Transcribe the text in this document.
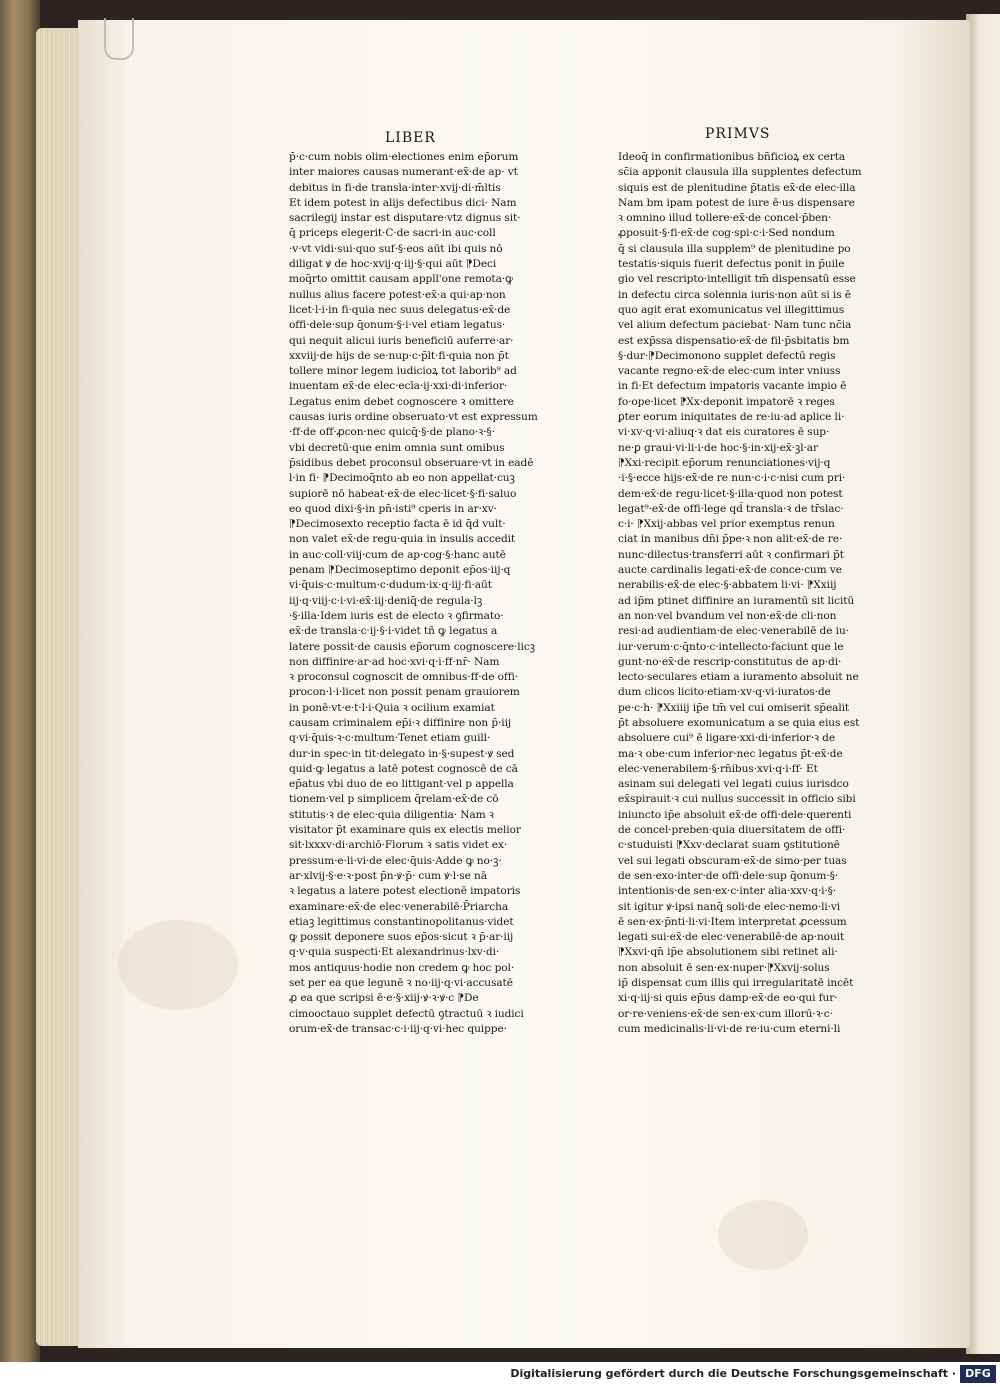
LIBER	PRIMVS
p̄·c·cum nobis olim·electiones enim ep̄orum
inter maiores causas numerant·ex̄·de ap· vt
debitus in fi·de transla·inter·xvij·di·m̄ltis
Et idem potest in alijs defectibus dici· Nam
sacrilegij instar est disputare·vtz dignus sit·
q̄ priceps elegerit·C·de sacri·in auc·coll
·v·vt vidi·sui·quo suf·§·eos aūt ibi quis nō
diligat ꝟ de hoc·xvij·q·iij·§·qui aūt ⁋Deci
moq̄rto omittit causam appll'one remota·ꝙ
nullus alius facere potest·ex̄·a qui·ap·non
licet·l·i·in fi·quia nec suus delegatus·ex̄·de
offi·dele·sup q̄onum·§·i·vel etiam legatus·
qui nequit alicui iuris beneficiū auferre·ar·
xxviij·de hijs de se·nup·c·p̄lt·fi·quia non p̄t
tollere minor legem iudicioꝝ tot laborib⁹ ad
inuentam ex̄·de elec·ecīa·ij·xxi·di·inferior·
Legatus enim debet cognoscere ꝛ omittere
causas iuris ordine obseruato·vt est expressum
·ff·de off·ꝓcon·nec quicq̄·§·de plano·ꝛ·§·
vbi decretū·que enim omnia sunt omibus
p̄sidibus debet proconsul obseruare·vt in eadē
l·in fi· ⁋Decimoq̄nto ab eo non appellat·cuꝫ
supiorē nō habeat·ex̄·de elec·licet·§·fi·saluo
eo quod dixi·§·in pn̄·isti⁹ cperis in ar·xv·
⁋Decimosexto receptio facta ē id q̄d vult·
non valet ex̄·de regu·quia in insulis accedit
in auc·coll·viij·cum de ap·cog·§·hanc autē
penam ⁋Decimoseptimo deponit ep̄os·iij·q
vi·q̄uis·c·multum·c·dudum·ix·q·iij·fi·aūt
iij·q·viij·c·i·vi·ex̄·iij·deniq̄·de regula·lꝫ
·§·illa·Idem iuris est de electo ꝛ ꝯfirmato·
ex̄·de transla·c·ij·§·i·videt tñ ꝙ legatus a
latere possit·de causis ep̄orum cognoscere·licꝫ
non diffinire·ar·ad hoc·xvi·q·i·ff·nr̄· Nam
ꝛ proconsul cognoscit de omnibus·ff·de offi·
procon·l·i·licet non possit penam grauiorem
in ponē·vt·e·t·l·i·Quia ꝛ ocilium examiat
causam criminalem ep̄i·ꝛ diffinire non p̄·iij
q·vi·q̄uis·ꝛ·c·multum·Tenet etiam guill·
dur·in spec·in tit·delegato in·§·supest·ꝟ sed
quid·ꝙ legatus a latē potest cognoscē de cā
ep̄atus vbi duo de eo littigant·vel p appella
tionem·vel p simplicem q̄relam·ex̄·de cō
stitutis·ꝛ de elec·quia diligentia· Nam ꝛ
visitator p̄t examinare quis ex electis melior
sit·lxxxv·di·archiō·Florum ꝛ satis videt ex·
pressum·e·li·vi·de elec·q̄uis·Adde ꝙ no·ꝫ·
ar·xlvij·§·e·ꝛ·post p̄n·ꝟ·p̄· cum ꝟ·l·se nā
ꝛ legatus a latere potest electionē impatoris
examinare·ex̄·de elec·venerabilē·P̄riarcha
etiaꝫ legittimus constantinopolitanus·videt
ꝙ possit deponere suos ep̄os·sicut ꝛ p̄·ar·iij
q·v·quia suspecti·Et alexandrinus·lxv·di·
mos antiquus·hodie non credem ꝙ hoc pol·
set per ea que legunē ꝛ no·iij·q·vi·accusatē
ꝓ ea que scripsi ē·e·§·xiij·ꝟ·ꝛ·ꝟ·c ⁋De
cimooctauo supplet defectū ꝯtractuū ꝛ iudici
orum·ex̄·de transac·c·i·iij·q·vi·hec quippe·
Ideoq̄ in confirmationibus bn̄ficioꝝ ex certa
sc̄ia apponit clausula illa supplentes defectum
siquis est de plenitudine p̄tatis ex̄·de elec·illa
Nam bm ipam potest de iure ē·us dispensare
ꝛ omnino illud tollere·ex̄·de concel·p̄ben·
ꝓposuit·§·fi·ex̄·de cog·spi·c·i·Sed nondum
q̄ si clausula illa supplem⁹ de plenitudine po
testatis·siquis fuerit defectus ponit in p̄uile
gio vel rescripto·intelligit tm̄ dispensatū esse
in defectu circa solennia iuris·non aūt si is ē
quo agit erat exomunicatus vel illegittimus
vel alium defectum paciebat· Nam tunc nc̄ia
est exp̄ssa dispensatio·ex̄·de fil·p̄sbitatis bm
§·dur·⁋Decimonono supplet defectū regis
vacante regno·ex̄·de elec·cum inter vniuss
in fi·Et defectum impatoris vacante impio ē
fo·ope·licet ⁋Xx·deponit impatorē ꝛ reges
ꝑter eorum iniquitates de re·iu·ad aplice li·
vi·xv·q·vi·aliuq·ꝛ dat eis curatores ē sup·
ne·ꝑ graui·vi·li·i·de hoc·§·in·xij·ex̄·ꝫl·ar
⁋Xxi·recipit ep̄orum renunciationes·vij·q
·i·§·ecce hijs·ex̄·de re nun·c·i·c·nisi cum pri·
dem·ex̄·de regu·licet·§·illa·quod non potest
legat⁹·ex̄·de offi·lege qd̄ transla·ꝛ de tr̄slac·
c·i· ⁋Xxij·abbas vel prior exemptus renun
ciat in manibus dn̄i p̄pe·ꝛ non alit·ex̄·de re·
nunc·dilectus·transferri aūt ꝛ confirmari p̄t
aucte cardinalis legati·ex̄·de conce·cum ve
nerabilis·ex̄·de elec·§·abbatem li·vi· ⁋Xxiij
ad ip̄m ptinet diffinire an iuramentū sit licitū
an non·vel bvandum vel non·ex̄·de cli·non
resi·ad audientiam·de elec·venerabilē de iu·
iur·verum·c·q̄nto·c·intellecto·faciunt que le
gunt·no·ex̄·de rescrip·constitutus de ap·di·
lecto·seculares etiam a iuramento absoluit ne
dum clicos licito·etiam·xv·q·vi·iuratos·de
pe·c·h· ⁋Xxiiij ip̄e tm̄ vel cui omiserit sp̄ealit
p̄t absoluere exomunicatum a se quia eius est
absoluere cui⁹ ē ligare·xxi·di·inferior·ꝛ de
ma·ꝛ obe·cum inferior·nec legatus p̄t·ex̄·de
elec·venerabilem·§·rn̄ibus·xvi·q·i·ff· Et
asinam sui delegati vel legati cuius iurisdco
ex̄spirauit·ꝛ cui nullus successit in officio sibi
iniuncto ip̄e absoluit ex̄·de offi·dele·querenti
de concel·preben·quia diuersitatem de offi·
c·studuisti ⁋Xxv·declarat suam ꝯstitutionē
vel sui legati obscuram·ex̄·de simo·per tuas
de sen·exo·inter·de offi·dele·sup q̄onum·§·
intentionis·de sen·ex·c·inter alia·xxv·q·i·§·
sit igitur ꝟ·ipsi nanq̄ soli·de elec·nemo·li·vi
ē sen·ex·p̄nti·li·vi·Item interpretat ꝓcessum
legati sui·ex̄·de elec·venerabilē·de ap·nouit
⁋Xxvi·qn̄ ip̄e absolutionem sibi retinet ali·
non absoluit ē sen·ex·nuper·⁋Xxvij·solus
ip̄ dispensat cum illis qui irregularitatē incēt
xi·q·iij·si quis ep̄us damp·ex̄·de eo·qui fur·
or·re·veniens·ex̄·de sen·ex·cum illorū·ꝛ·c·
cum medicinalis·li·vi·de re·iu·cum eterni·li
Digitalisierung gefördert durch die Deutsche Forschungsgemeinschaft · DFG
